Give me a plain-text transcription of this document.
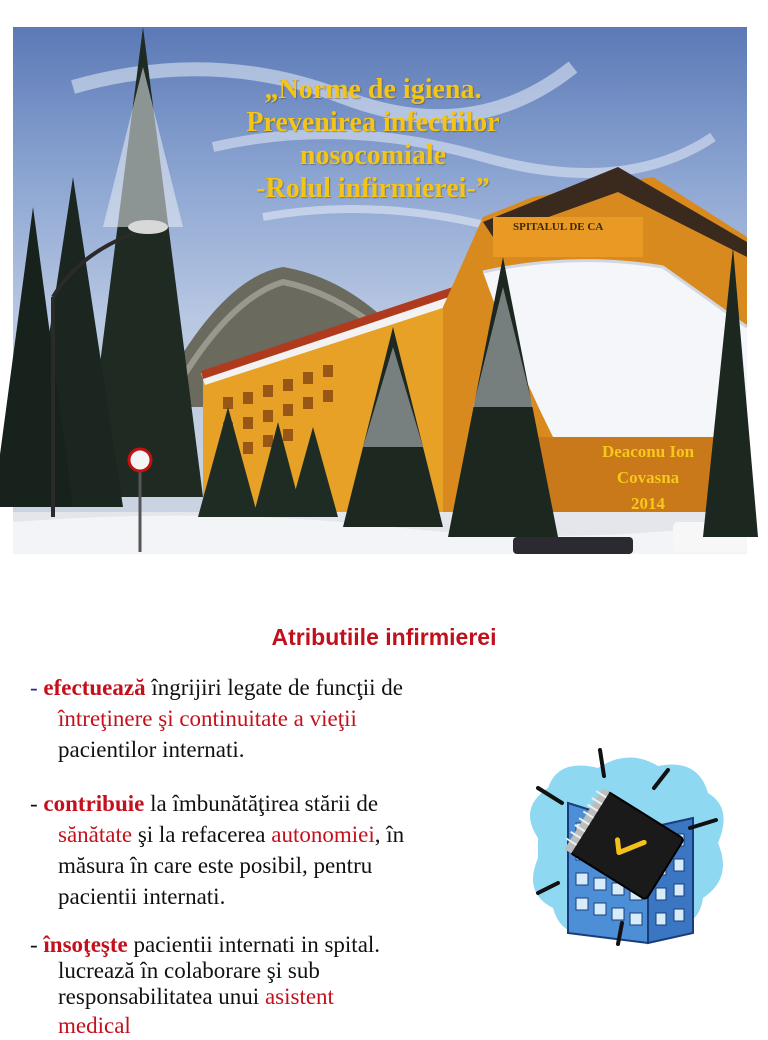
SPITALUL DE CA
„Norme de igiena.
Prevenirea infectiilor
nosocomiale
-Rolul infirmierei-”
Deaconu Ion
Covasna
2014
Atributiile infirmierei
- efectuează îngrijiri legate de funcţii de
întreţinere şi continuitate a vieţii
pacientilor internati.
- contribuie la îmbunătăţirea stării de
sănătate şi la refacerea autonomiei, în
măsura în care este posibil, pentru
pacientii internati.
- însoţeşte pacientii internati in spital.
lucrează în colaborare şi sub
responsabilitatea unui asistent
medical
